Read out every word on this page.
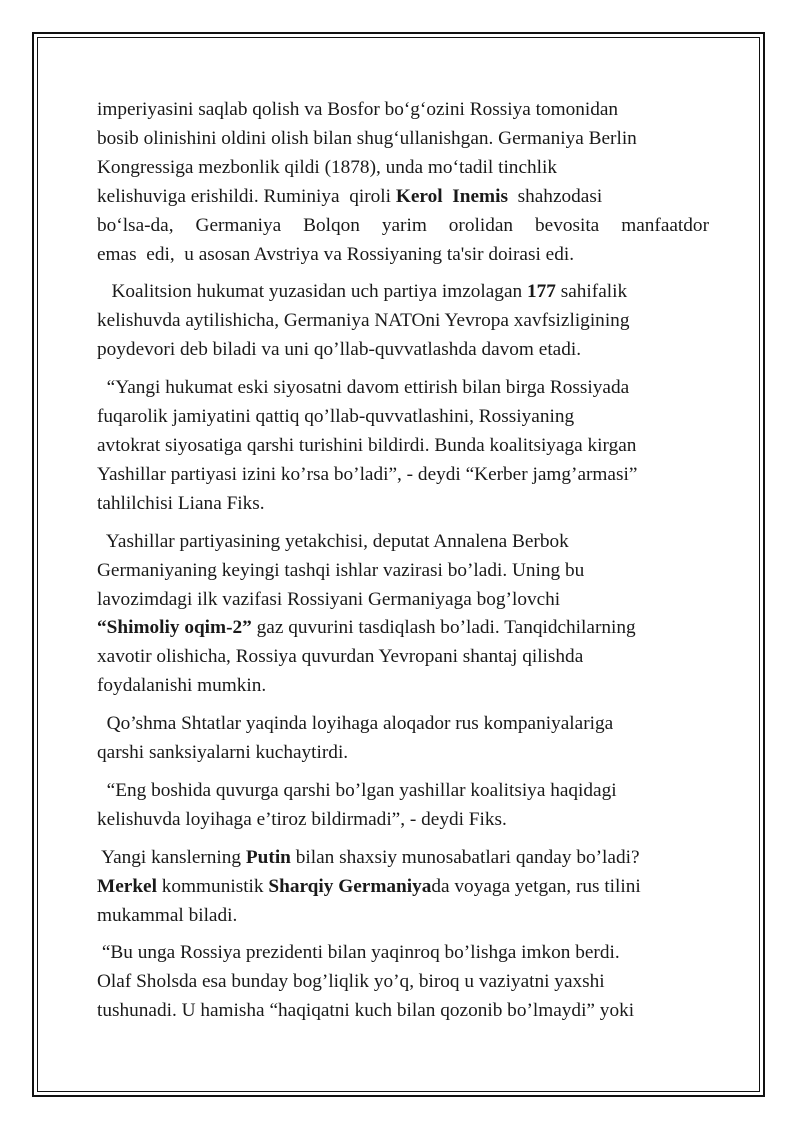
imperiyasini saqlab qolish va Bosfor bo‘g‘ozini Rossiya tomonidan
bosib olinishini oldini olish bilan shug‘ullanishgan. Germaniya Berlin
Kongressiga mezbonlik qildi (1878), unda mo‘tadil tinchlik
kelishuviga erishildi. Ruminiya  qiroli Kerol  Inemis  shahzodasi
bo‘lsa-da, Germaniya Bolqon yarim orolidan bevosita manfaatdor
emas  edi,  u asosan Avstriya va Rossiyaning ta'sir doirasi edi.

Koalitsion hukumat yuzasidan uch partiya imzolagan 177 sahifalik
kelishuvda aytilishicha, Germaniya NATOni Yevropa xavfsizligining
poydevori deb biladi va uni qo’llab-quvvatlashda davom etadi.

“Yangi hukumat eski siyosatni davom ettirish bilan birga Rossiyada
fuqarolik jamiyatini qattiq qo’llab-quvvatlashini, Rossiyaning
avtokrat siyosatiga qarshi turishini bildirdi. Bunda koalitsiyaga kirgan
Yashillar partiyasi izini ko’rsa bo’ladi”, - deydi “Kerber jamg’armasi”
tahlilchisi Liana Fiks.

Yashillar partiyasining yetakchisi, deputat Annalena Berbok
Germaniyaning keyingi tashqi ishlar vazirasi bo’ladi. Uning bu
lavozimdagi ilk vazifasi Rossiyani Germaniyaga bog’lovchi
“Shimoliy oqim-2” gaz quvurini tasdiqlash bo’ladi. Tanqidchilarning
xavotir olishicha, Rossiya quvurdan Yevropani shantaj qilishda
foydalanishi mumkin.

Qo’shma Shtatlar yaqinda loyihaga aloqador rus kompaniyalariga
qarshi sanksiyalarni kuchaytirdi.

“Eng boshida quvurga qarshi bo’lgan yashillar koalitsiya haqidagi
kelishuvda loyihaga e’tiroz bildirmadi”, - deydi Fiks.

Yangi kanslerning Putin bilan shaxsiy munosabatlari qanday bo’ladi?
Merkel kommunistik Sharqiy Germaniyada voyaga yetgan, rus tilini
mukammal biladi.

“Bu unga Rossiya prezidenti bilan yaqinroq bo’lishga imkon berdi.
Olaf Sholsda esa bunday bog’liqlik yo’q, biroq u vaziyatni yaxshi
tushunadi. U hamisha “haqiqatni kuch bilan qozonib bo’lmaydi” yoki
